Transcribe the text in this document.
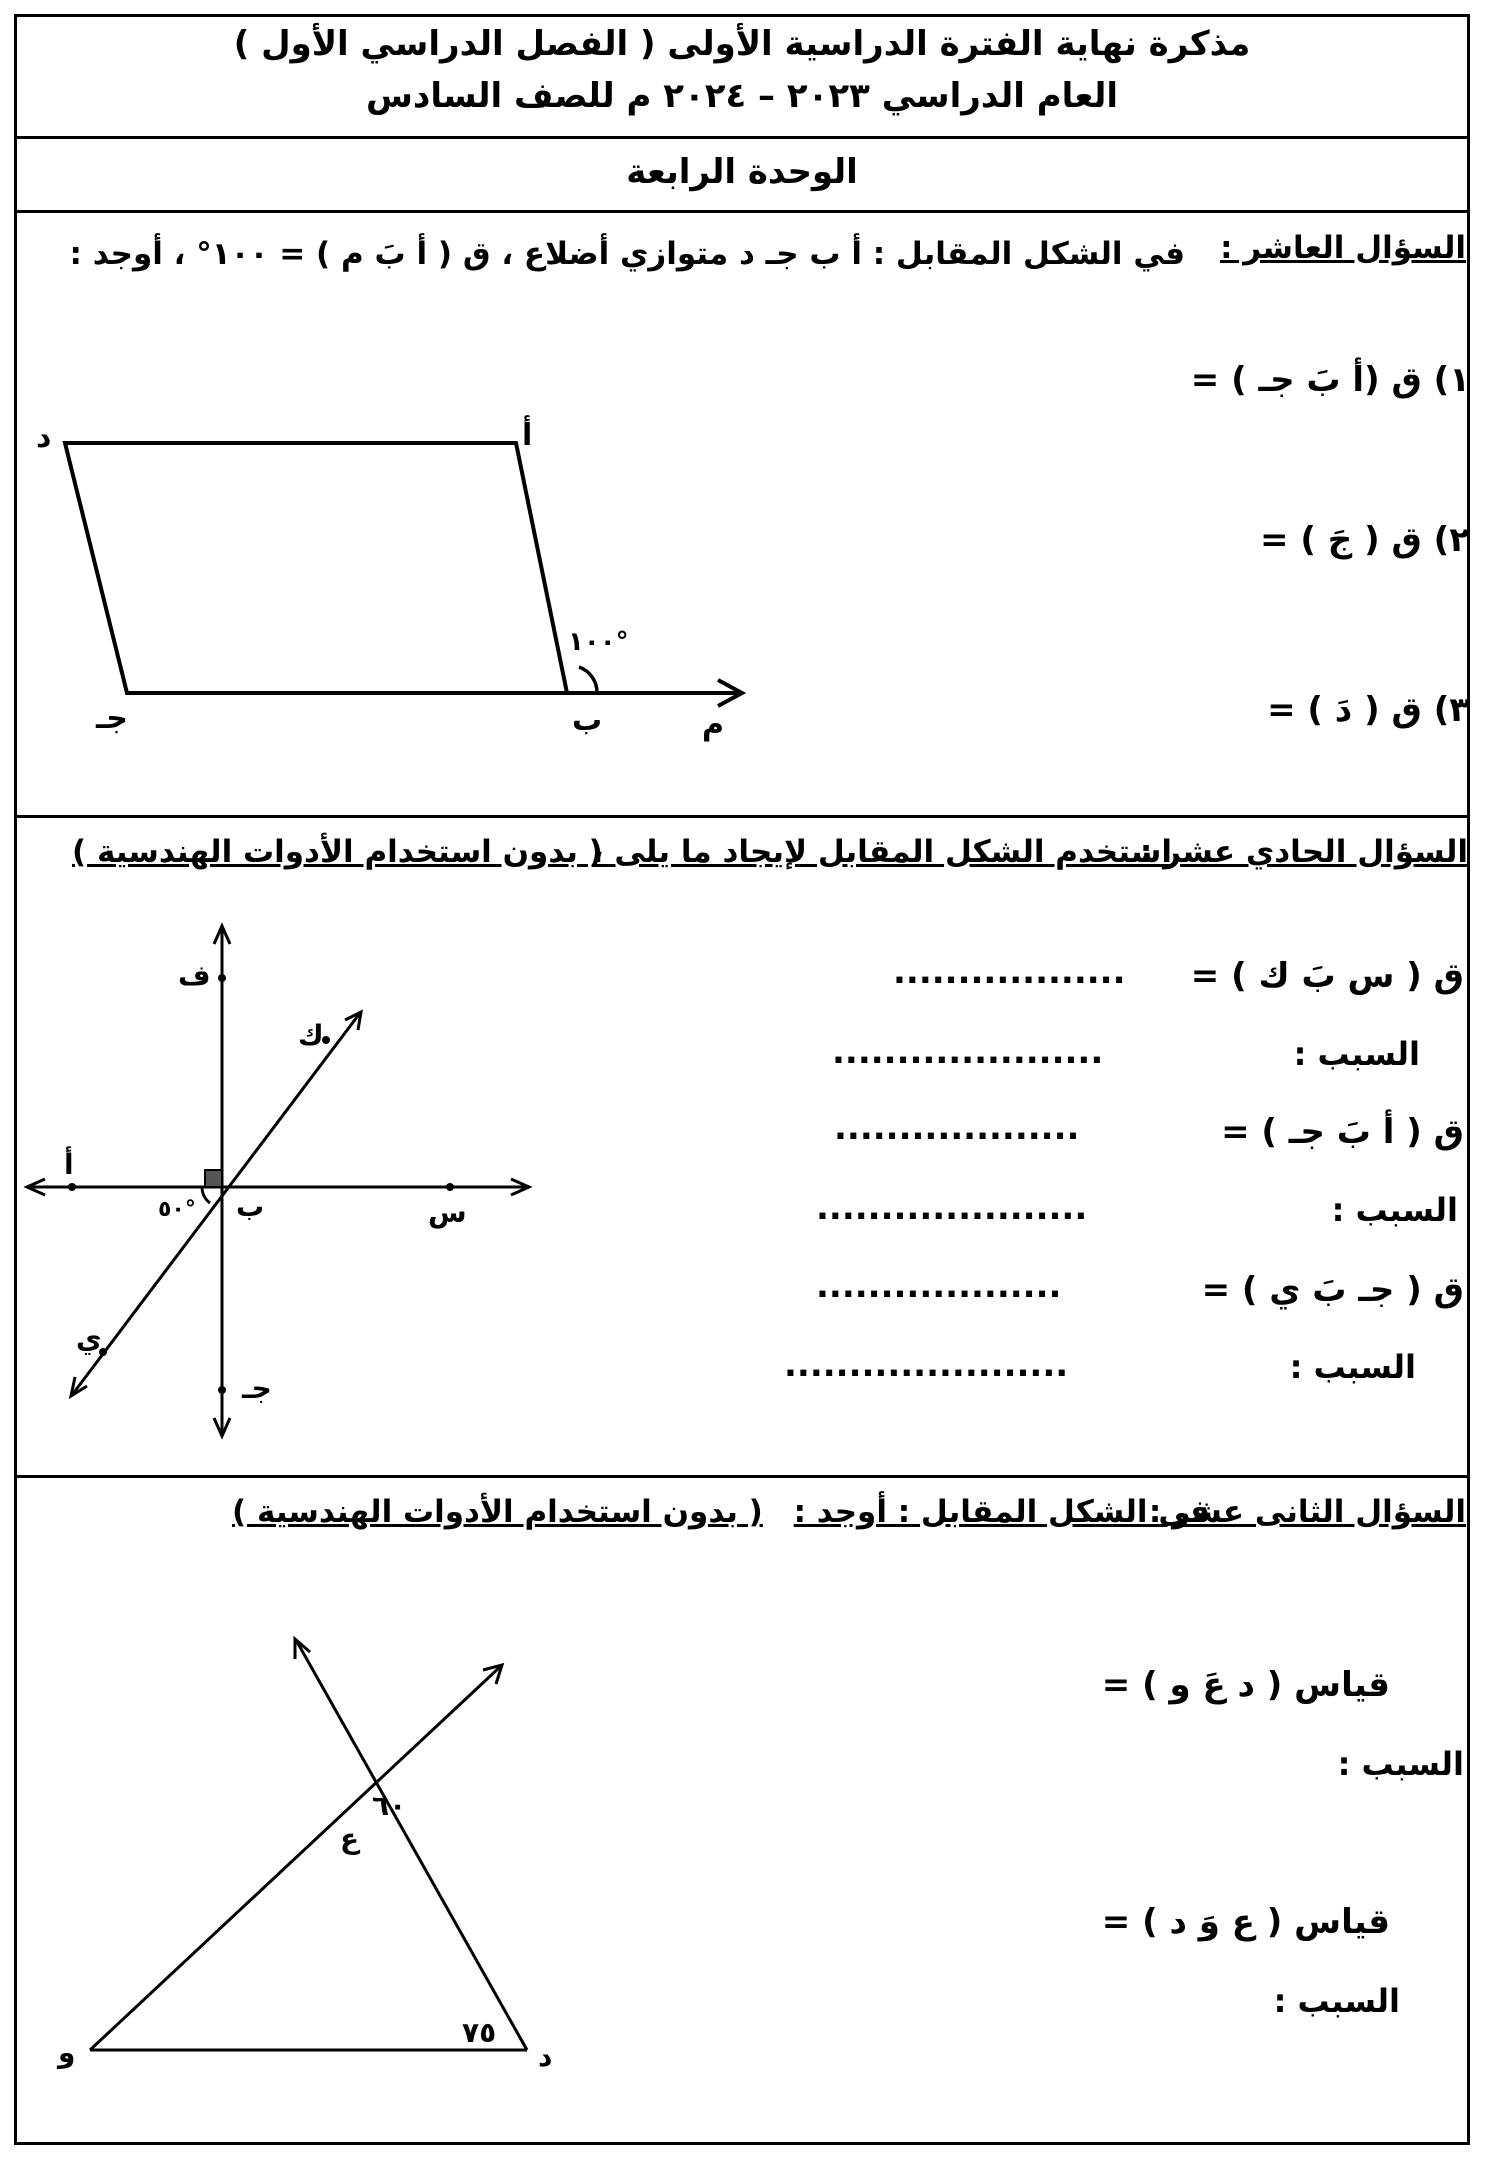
مذكرة نهاية الفترة الدراسية الأولى ( الفصل الدراسي الأول )
العام الدراسي ٢٠٢٣ – ٢٠٢٤ م للصف السادس
الوحدة الرابعة
السؤال العاشر :
في الشكل المقابل : أ ب جـ د متوازي أضلاع ، ق ( أ بَ م ) = ١٠٠° ، أوجد :
١) ق (أ بَ جـ ) =
٢) ق ( جَ ) =
٣) ق ( دَ ) =
أ
د
جـ	ب	م
١٠٠°
السؤال الحادي عشر :
استخدم الشكل المقابل لإيجاد ما يلى ،
( بدون استخدام الأدوات الهندسية )
ق ( س بَ ك ) =
..................
السبب :
.....................
ق ( أ بَ جـ ) =
...................
السبب :
.....................
ق ( جـ بَ ي ) =
...................
السبب :
......................
ف
ك
أ
ب	س
ي
جـ
٥٠°
السؤال الثانى عشر :
فى الشكل المقابل : أوجد :
( بدون استخدام الأدوات الهندسية )
قياس ( د عَ و ) =
السبب :
قياس ( ع وَ د ) =
السبب :
ع
و	د
٦٠
٧٥
